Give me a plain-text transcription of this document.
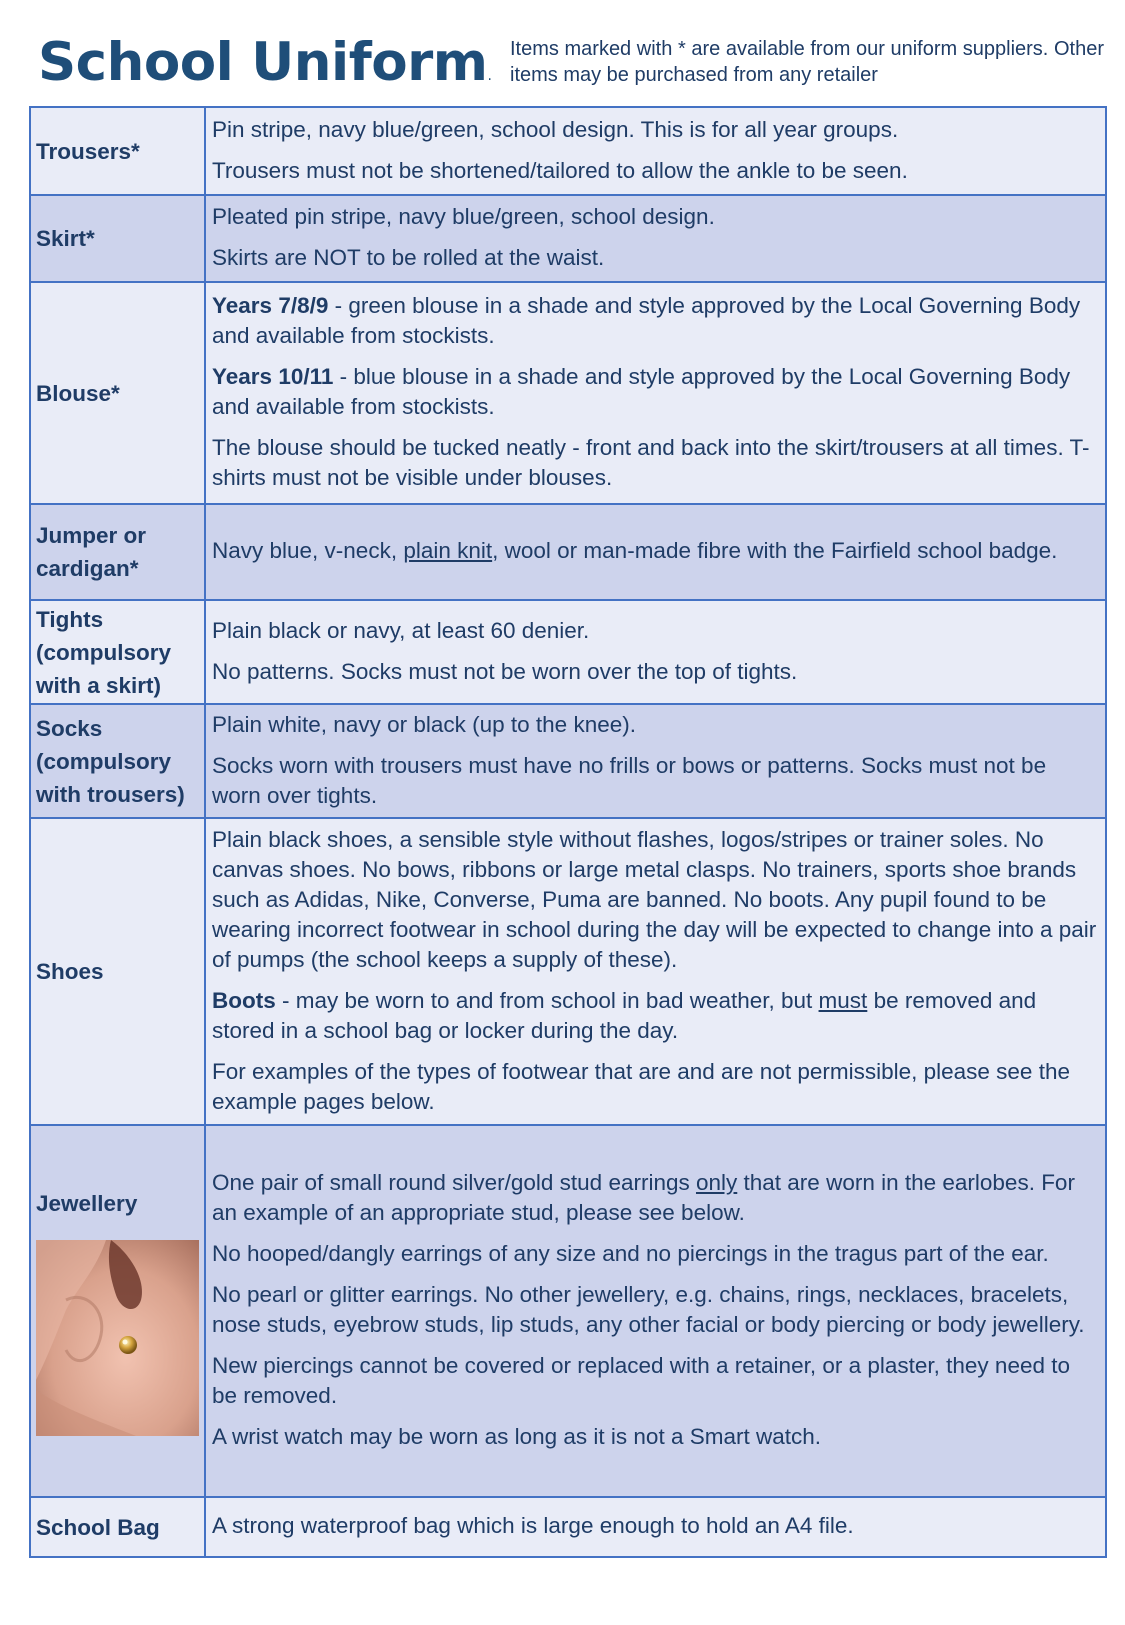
School Uniform.
Items marked with * are available from our uniform suppliers. Other items may be purchased from any retailer
Trousers*	Pin stripe, navy blue/green, school design. This is for all year groups.

Trousers must not be shortened/tailored to allow the ankle to be seen.

Skirt*	Pleated pin stripe, navy blue/green, school design.

Skirts are NOT to be rolled at the waist.

Blouse*	Years 7/8/9 - green blouse in a shade and style approved by the Local Governing Body and available from stockists.

Years 10/11 - blue blouse in a shade and style approved by the Local Governing Body and available from stockists.

The blouse should be tucked neatly - front and back into the skirt/trousers at all times. T-shirts must not be visible under blouses.

Jumper or cardigan*	Navy blue, v-neck, plain knit, wool or man-made fibre with the Fairfield school badge.

Tights (compulsory with a skirt)	Plain black or navy, at least 60 denier.

No patterns. Socks must not be worn over the top of tights.

Socks (compulsory with trousers)	Plain white, navy or black (up to the knee).

Socks worn with trousers must have no frills or bows or patterns. Socks must not be worn over tights.

Shoes	Plain black shoes, a sensible style without flashes, logos/stripes or trainer soles. No canvas shoes. No bows, ribbons or large metal clasps. No trainers, sports shoe brands such as Adidas, Nike, Converse, Puma are banned. No boots. Any pupil found to be wearing incorrect footwear in school during the day will be expected to change into a pair of pumps (the school keeps a supply of these).

Boots - may be worn to and from school in bad weather, but must be removed and stored in a school bag or locker during the day.

For examples of the types of footwear that are and are not permissible, please see the example pages below.

Jewellery	One pair of small round silver/gold stud earrings only that are worn in the earlobes. For an example of an appropriate stud, please see below.

No hooped/dangly earrings of any size and no piercings in the tragus part of the ear.

No pearl or glitter earrings. No other jewellery, e.g. chains, rings, necklaces, bracelets, nose studs, eyebrow studs, lip studs, any other facial or body piercing or body jewellery.

New piercings cannot be covered or replaced with a retainer, or a plaster, they need to be removed.

A wrist watch may be worn as long as it is not a Smart watch.

School Bag	A strong waterproof bag which is large enough to hold an A4 file.
